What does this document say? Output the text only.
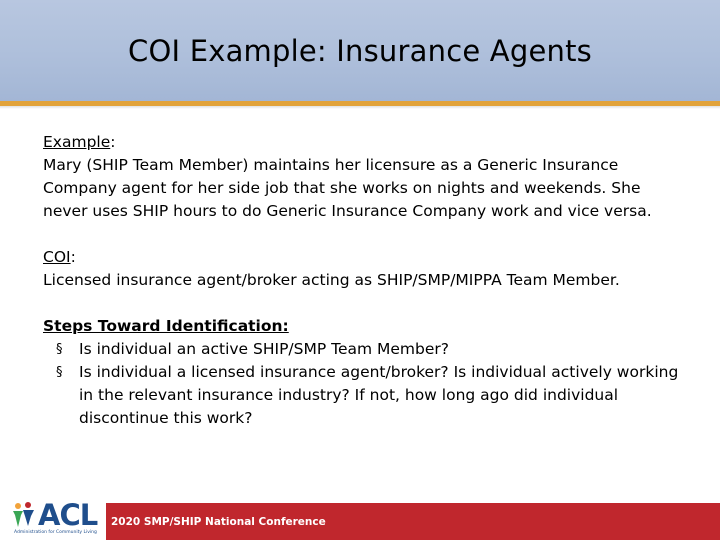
COI Example: Insurance Agents

Example:

Mary (SHIP Team Member) maintains her licensure as a Generic Insurance Company agent for her side job that she works on nights and weekends. She never uses SHIP hours to do Generic Insurance Company work and vice versa.

COI:

Licensed insurance agent/broker acting as SHIP/SMP/MIPPA Team Member.

Steps Toward Identification:

§ Is individual an active SHIP/SMP Team Member?
§ Is individual a licensed insurance agent/broker? Is individual actively working in the relevant insurance industry? If not, how long ago did individual discontinue this work?
ACL
Administration for Community Living
2020 SMP/SHIP National Conference
